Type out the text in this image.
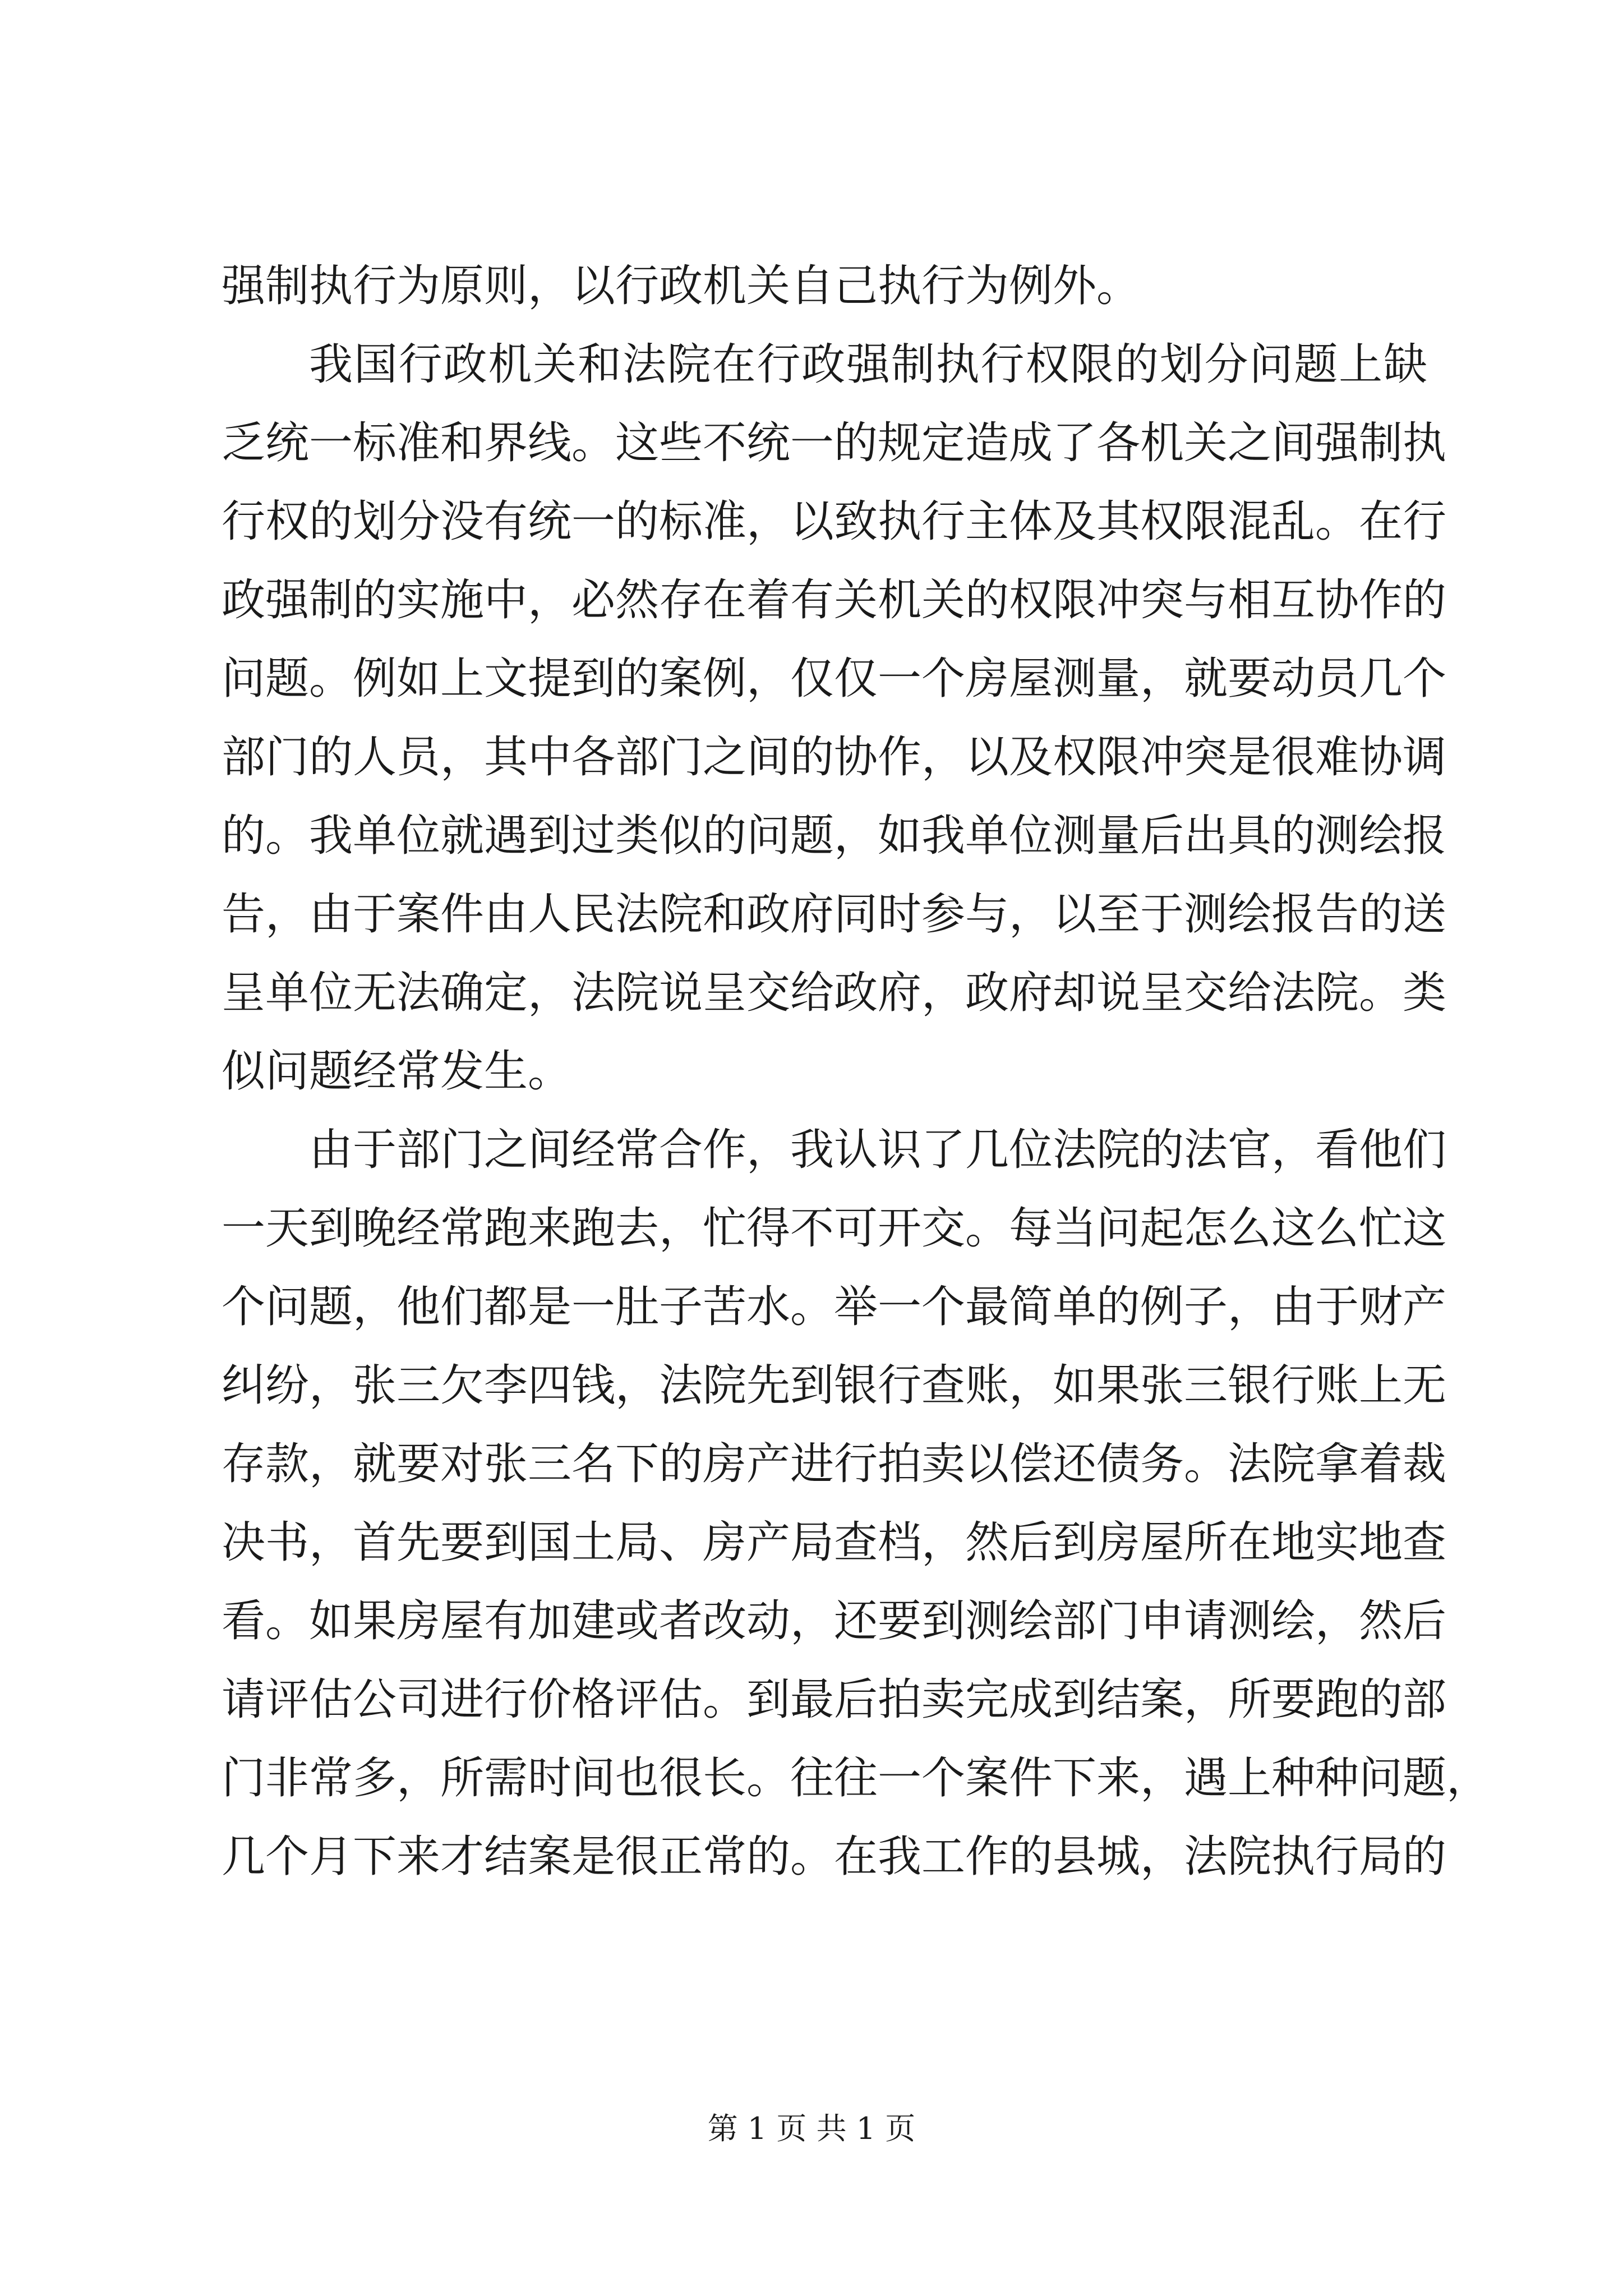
强制执行为原则，以行政机关自己执行为例外。
我国行政机关和法院在行政强制执行权限的划分问题上缺
乏统一标准和界线。这些不统一的规定造成了各机关之间强制执
行权的划分没有统一的标准，以致执行主体及其权限混乱。在行
政强制的实施中，必然存在着有关机关的权限冲突与相互协作的
问题。例如上文提到的案例，仅仅一个房屋测量，就要动员几个
部门的人员，其中各部门之间的协作，以及权限冲突是很难协调
的。我单位就遇到过类似的问题，如我单位测量后出具的测绘报
告，由于案件由人民法院和政府同时参与，以至于测绘报告的送
呈单位无法确定，法院说呈交给政府，政府却说呈交给法院。类
似问题经常发生。
由于部门之间经常合作，我认识了几位法院的法官，看他们
一天到晚经常跑来跑去，忙得不可开交。每当问起怎么这么忙这
个问题，他们都是一肚子苦水。举一个最简单的例子，由于财产
纠纷，张三欠李四钱，法院先到银行查账，如果张三银行账上无
存款，就要对张三名下的房产进行拍卖以偿还债务。法院拿着裁
决书，首先要到国土局、房产局查档，然后到房屋所在地实地查
看。如果房屋有加建或者改动，还要到测绘部门申请测绘，然后
请评估公司进行价格评估。到最后拍卖完成到结案，所要跑的部
门非常多，所需时间也很长。往往一个案件下来，遇上种种问题，
几个月下来才结案是很正常的。在我工作的县城，法院执行局的
第 1 页 共 1 页
